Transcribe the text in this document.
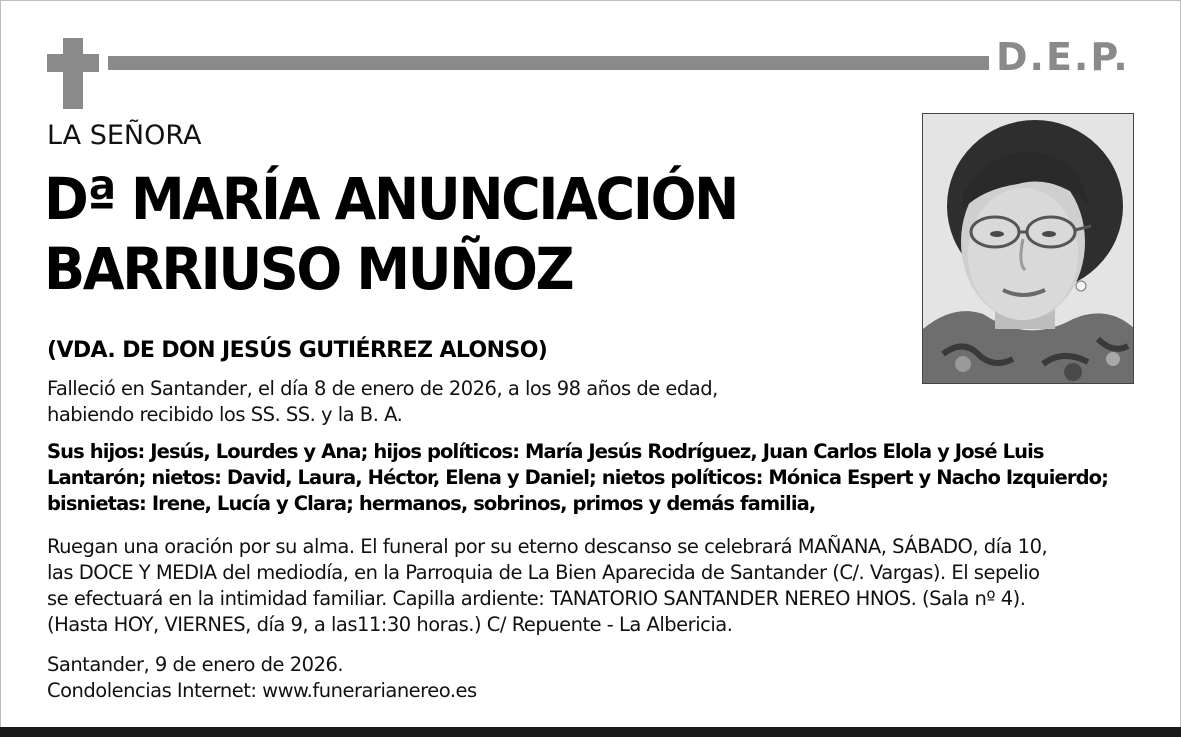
D.E.P.
LA SEÑORA
Dª MARÍA ANUNCIACIÓN
BARRIUSO MUÑOZ
(VDA. DE DON JESÚS GUTIÉRREZ ALONSO)
Falleció en Santander, el día 8 de enero de 2026, a los 98 años de edad,
habiendo recibido los SS. SS. y la B. A.
Sus hijos: Jesús, Lourdes y Ana; hijos políticos: María Jesús Rodríguez, Juan Carlos Elola y José Luis
Lantarón; nietos: David, Laura, Héctor, Elena y Daniel; nietos políticos: Mónica Espert y Nacho Izquierdo;
bisnietas: Irene, Lucía y Clara; hermanos, sobrinos, primos y demás familia,
Ruegan una oración por su alma. El funeral por su eterno descanso se celebrará MAÑANA, SÁBADO, día 10,
las DOCE Y MEDIA del mediodía, en la Parroquia de La Bien Aparecida de Santander (C/. Vargas). El sepelio
se efectuará en la intimidad familiar. Capilla ardiente: TANATORIO SANTANDER NEREO HNOS. (Sala nº 4).
(Hasta HOY, VIERNES, día 9, a las11:30 horas.) C/ Repuente - La Albericia.
Santander, 9 de enero de 2026.
Condolencias Internet: www.funerarianereo.es
